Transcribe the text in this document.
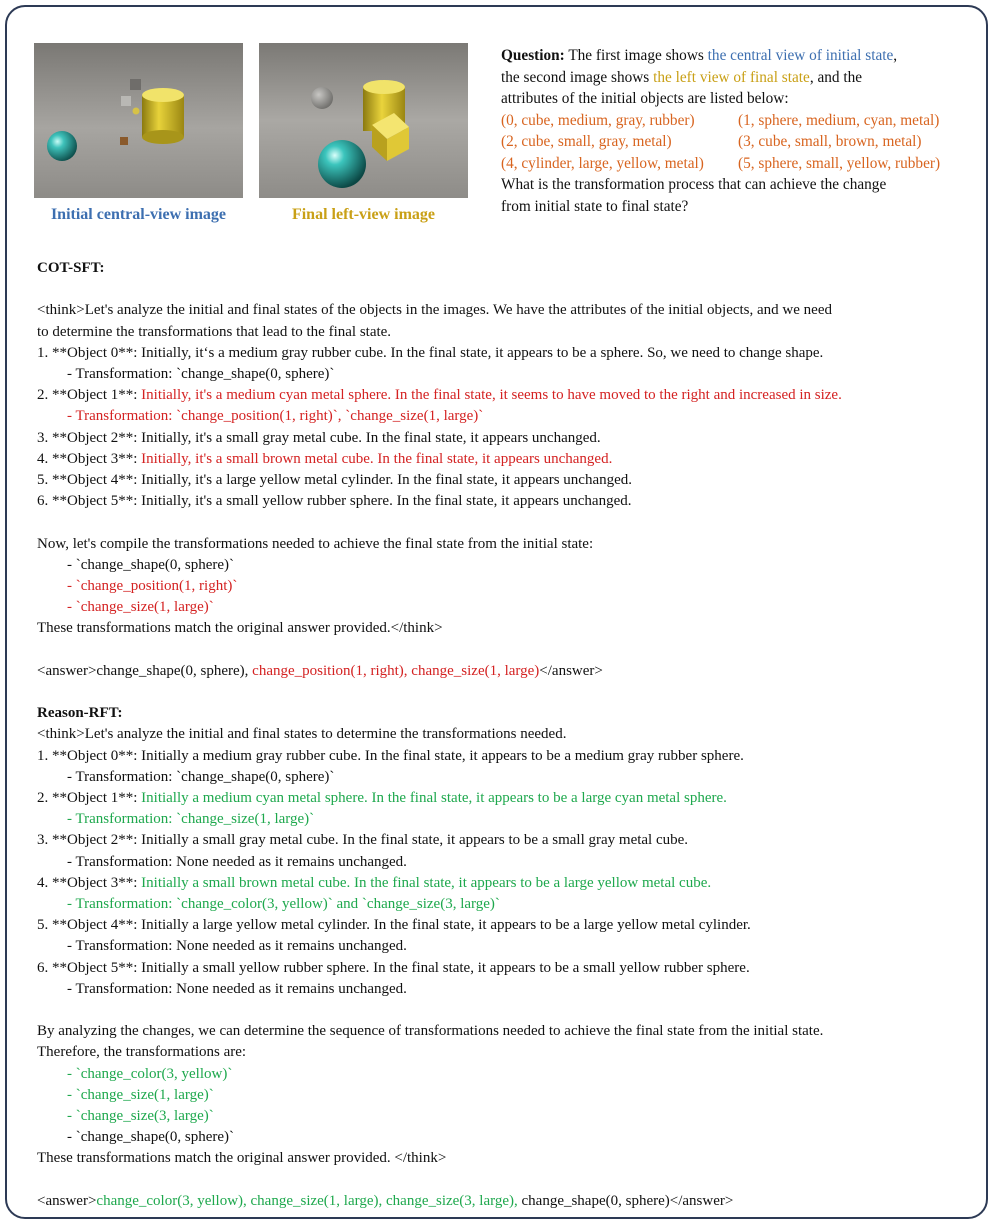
Initial central-view image	Final left-view image
Question: The first image shows the central view of initial state,
the second image shows the left view of final state, and the
attributes of the initial objects are listed below:
(0, cube, medium, gray, rubber)	(1, sphere, medium, cyan, metal)
(2, cube, small, gray, metal)	(3, cube, small, brown, metal)
(4, cylinder, large, yellow, metal) (5, sphere, small, yellow, rubber)
What is the transformation process that can achieve the change
from initial state to final state?
COT-SFT:
<think>Let's analyze the initial and final states of the objects in the images. We have the attributes of the initial objects, and we need
to determine the transformations that lead to the final state.
1. **Object 0**: Initially, it‘s a medium gray rubber cube. In the final state, it appears to be a sphere. So, we need to change shape.
- Transformation: `change_shape(0, sphere)`
2. **Object 1**: Initially, it's a medium cyan metal sphere. In the final state, it seems to have moved to the right and increased in size.
- Transformation: `change_position(1, right)`, `change_size(1, large)`
3. **Object 2**: Initially, it's a small gray metal cube. In the final state, it appears unchanged.
4. **Object 3**: Initially, it's a small brown metal cube. In the final state, it appears unchanged.
5. **Object 4**: Initially, it's a large yellow metal cylinder. In the final state, it appears unchanged.
6. **Object 5**: Initially, it's a small yellow rubber sphere. In the final state, it appears unchanged.
Now, let's compile the transformations needed to achieve the final state from the initial state:
- `change_shape(0, sphere)`
- `change_position(1, right)`
- `change_size(1, large)`
These transformations match the original answer provided.</think>
<answer>change_shape(0, sphere), change_position(1, right), change_size(1, large)</answer>
Reason-RFT:
<think>Let's analyze the initial and final states to determine the transformations needed.
1. **Object 0**: Initially a medium gray rubber cube. In the final state, it appears to be a medium gray rubber sphere.
- Transformation: `change_shape(0, sphere)`
2. **Object 1**: Initially a medium cyan metal sphere. In the final state, it appears to be a large cyan metal sphere.
- Transformation: `change_size(1, large)`
3. **Object 2**: Initially a small gray metal cube. In the final state, it appears to be a small gray metal cube.
- Transformation: None needed as it remains unchanged.
4. **Object 3**: Initially a small brown metal cube. In the final state, it appears to be a large yellow metal cube.
- Transformation: `change_color(3, yellow)` and `change_size(3, large)`
5. **Object 4**: Initially a large yellow metal cylinder. In the final state, it appears to be a large yellow metal cylinder.
- Transformation: None needed as it remains unchanged.
6. **Object 5**: Initially a small yellow rubber sphere. In the final state, it appears to be a small yellow rubber sphere.
- Transformation: None needed as it remains unchanged.
By analyzing the changes, we can determine the sequence of transformations needed to achieve the final state from the initial state.
Therefore, the transformations are:
- `change_color(3, yellow)`
- `change_size(1, large)`
- `change_size(3, large)`
- `change_shape(0, sphere)`
These transformations match the original answer provided. </think>
<answer>change_color(3, yellow), change_size(1, large), change_size(3, large), change_shape(0, sphere)</answer>
